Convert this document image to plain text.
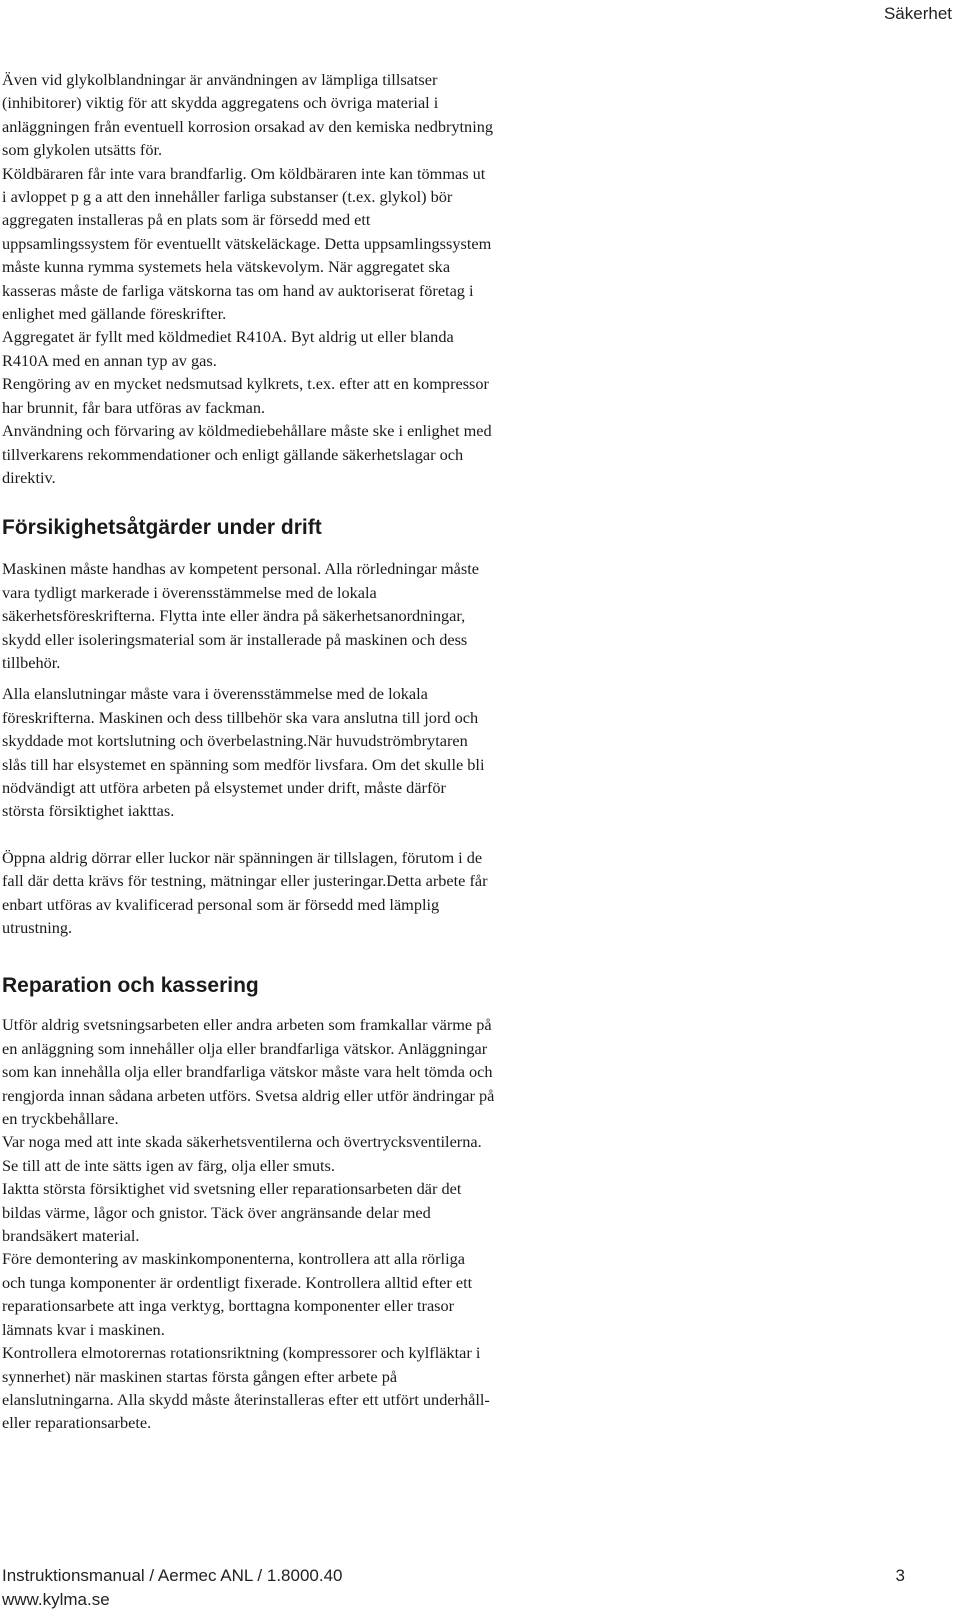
Säkerhet
Även vid glykolblandningar är användningen av lämpliga tillsatser
(inhibitorer) viktig för att skydda aggregatens och övriga material i
anläggningen från eventuell korrosion orsakad av den kemiska nedbrytning
som glykolen utsätts för.
Köldbäraren får inte vara brandfarlig. Om köldbäraren inte kan tömmas ut
i avloppet p g a att den innehåller farliga substanser (t.ex. glykol) bör
aggregaten installeras på en plats som är försedd med ett
uppsamlingssystem för eventuellt vätskeläckage. Detta uppsamlingssystem
måste kunna rymma systemets hela vätskevolym. När aggregatet ska
kasseras måste de farliga vätskorna tas om hand av auktoriserat företag i
enlighet med gällande föreskrifter.
Aggregatet är fyllt med köldmediet R410A. Byt aldrig ut eller blanda
R410A med en annan typ av gas.
Rengöring av en mycket nedsmutsad kylkrets, t.ex. efter att en kompressor
har brunnit, får bara utföras av fackman.
Användning och förvaring av köldmediebehållare måste ske i enlighet med
tillverkarens rekommendationer och enligt gällande säkerhetslagar och
direktiv.
Försikighetsåtgärder under drift
Maskinen måste handhas av kompetent personal. Alla rörledningar måste
vara tydligt markerade i överensstämmelse med de lokala
säkerhetsföreskrifterna. Flytta inte eller ändra på säkerhetsanordningar,
skydd eller isoleringsmaterial som är installerade på maskinen och dess
tillbehör.
Alla elanslutningar måste vara i överensstämmelse med de lokala
föreskrifterna. Maskinen och dess tillbehör ska vara anslutna till jord och
skyddade mot kortslutning och överbelastning.När huvudströmbrytaren
slås till har elsystemet en spänning som medför livsfara. Om det skulle bli
nödvändigt att utföra arbeten på elsystemet under drift, måste därför
största försiktighet iakttas.
Öppna aldrig dörrar eller luckor när spänningen är tillslagen, förutom i de
fall där detta krävs för testning, mätningar eller justeringar.Detta arbete får
enbart utföras av kvalificerad personal som är försedd med lämplig
utrustning.
Reparation och kassering
Utför aldrig svetsningsarbeten eller andra arbeten som framkallar värme på
en anläggning som innehåller olja eller brandfarliga vätskor. Anläggningar
som kan innehålla olja eller brandfarliga vätskor måste vara helt tömda och
rengjorda innan sådana arbeten utförs. Svetsa aldrig eller utför ändringar på
en tryckbehållare.
Var noga med att inte skada säkerhetsventilerna och övertrycksventilerna.
Se till att de inte sätts igen av färg, olja eller smuts.
Iaktta största försiktighet vid svetsning eller reparationsarbeten där det
bildas värme, lågor och gnistor. Täck över angränsande delar med
brandsäkert material.
Före demontering av maskinkomponenterna, kontrollera att alla rörliga
och tunga komponenter är ordentligt fixerade. Kontrollera alltid efter ett
reparationsarbete att inga verktyg, borttagna komponenter eller trasor
lämnats kvar i maskinen.
Kontrollera elmotorernas rotationsriktning (kompressorer och kylfläktar i
synnerhet) när maskinen startas första gången efter arbete på
elanslutningarna. Alla skydd måste återinstalleras efter ett utfört underhåll-
eller reparationsarbete.
Instruktionsmanual / Aermec ANL / 1.8000.40
www.kylma.se
3
